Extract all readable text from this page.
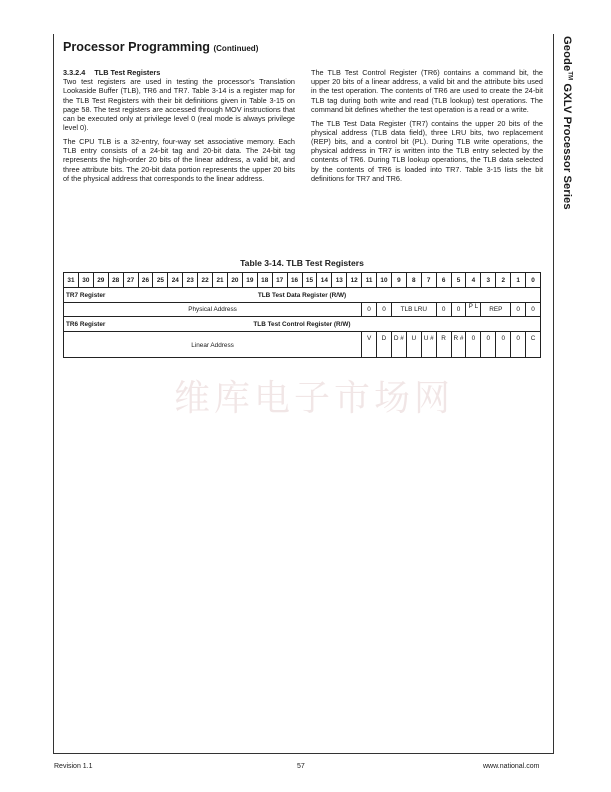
Geode™ GXLV Processor Series
Processor Programming (Continued)
3.3.2.4 TLB Test Registers

Two test registers are used in testing the processor's Translation Lookaside Buffer (TLB), TR6 and TR7. Table 3-14 is a register map for the TLB Test Registers with their bit definitions given in Table 3-15 on page 58. The test registers are accessed through MOV instructions that can be executed only at privilege level 0 (real mode is always privilege level 0).

The CPU TLB is a 32-entry, four-way set associative memory. Each TLB entry consists of a 24-bit tag and 20-bit data. The 24-bit tag represents the high-order 20 bits of the linear address, a valid bit, and three attribute bits. The 20-bit data portion represents the upper 20 bits of the physical address that corresponds to the linear address.

The TLB Test Control Register (TR6) contains a command bit, the upper 20 bits of a linear address, a valid bit and the attribute bits used in the test operation. The contents of TR6 are used to create the 24-bit TLB tag during both write and read (TLB lookup) test operations. The command bit defines whether the test operation is a read or a write.

The TLB Test Data Register (TR7) contains the upper 20 bits of the physical address (TLB data field), three LRU bits, two replacement (REP) bits, and a control bit (PL). During TLB write operations, the physical address in TR7 is written into the TLB entry selected by the contents of TR6. During TLB lookup operations, the TLB data selected by the contents of TR6 is loaded into TR7. Table 3-15 lists the bit definitions for TR7 and TR6.

Table 3-14. TLB Test Registers
31	30	29	28	27	26	25	24	23	22	21	20	19	18	17	16	15	14	13	12	11	10	9	8	7	6	5	4	3	2	1	0
TR7 Register						TLB Test Data Register (R/W)																									
Physical Address																				0	0	TLB LRU			0	0	P L	REP		0	0
TR6 Register						TLB Test Control Register (R/W)																									
Linear Address																				V	D	D #	U	U #	R	R #	0	0	0	0	C
维库电子市场网
Revision 1.1	57	www.national.com
